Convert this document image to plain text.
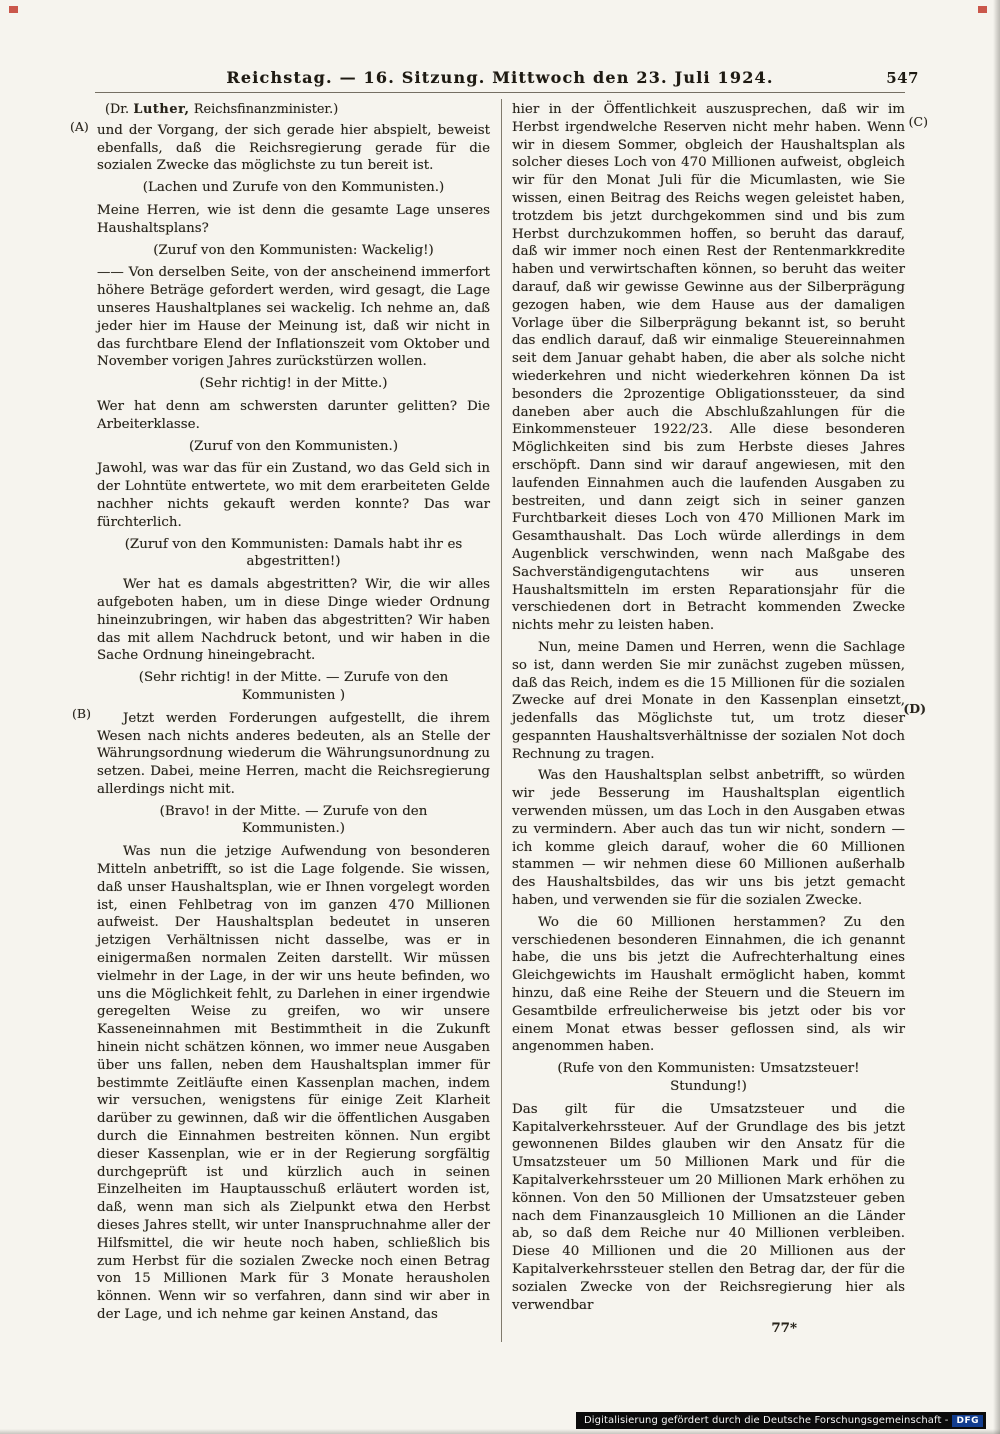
Reichstag. — 16. Sitzung. Mittwoch den 23. Juli 1924.	547
(A)
(B)
(C)
(D)
(Dr. Luther, Reichsfinanzminister.)
und der Vorgang, der sich gerade hier abspielt, beweist ebenfalls, daß die Reichsregierung gerade für die sozialen Zwecke das möglichste zu tun bereit ist.
(Lachen und Zurufe von den Kommunisten.)
Meine Herren, wie ist denn die gesamte Lage unseres Haushaltsplans?
(Zuruf von den Kommunisten: Wackelig!)
—— Von derselben Seite, von der anscheinend immerfort höhere Beträge gefordert werden, wird gesagt, die Lage unseres Haushaltplanes sei wackelig. Ich nehme an, daß jeder hier im Hause der Meinung ist, daß wir nicht in das furchtbare Elend der Inflationszeit vom Oktober und November vorigen Jahres zurückstürzen wollen.
(Sehr richtig! in der Mitte.)
Wer hat denn am schwersten darunter gelitten? Die Arbeiterklasse.
(Zuruf von den Kommunisten.)
Jawohl, was war das für ein Zustand, wo das Geld sich in der Lohntüte entwertete, wo mit dem erarbeiteten Gelde nachher nichts gekauft werden konnte? Das war fürchterlich.
(Zuruf von den Kommunisten: Damals habt ihr es abgestritten!)
Wer hat es damals abgestritten? Wir, die wir alles aufgeboten haben, um in diese Dinge wieder Ordnung hineinzubringen, wir haben das abgestritten? Wir haben das mit allem Nachdruck betont, und wir haben in die Sache Ordnung hineingebracht.
(Sehr richtig! in der Mitte. — Zurufe von den Kommunisten )
Jetzt werden Forderungen aufgestellt, die ihrem Wesen nach nichts anderes bedeuten, als an Stelle der Währungsordnung wiederum die Währungsunordnung zu setzen. Dabei, meine Herren, macht die Reichsregierung allerdings nicht mit.
(Bravo! in der Mitte. — Zurufe von den Kommunisten.)
Was nun die jetzige Aufwendung von besonderen Mitteln anbetrifft, so ist die Lage folgende. Sie wissen, daß unser Haushaltsplan, wie er Ihnen vorgelegt worden ist, einen Fehlbetrag von im ganzen 470 Millionen aufweist. Der Haushaltsplan bedeutet in unseren jetzigen Verhältnissen nicht dasselbe, was er in einigermaßen normalen Zeiten darstellt. Wir müssen vielmehr in der Lage, in der wir uns heute befinden, wo uns die Möglichkeit fehlt, zu Darlehen in einer irgendwie geregelten Weise zu greifen, wo wir unsere Kasseneinnahmen mit Bestimmtheit in die Zukunft hinein nicht schätzen können, wo immer neue Ausgaben über uns fallen, neben dem Haushaltsplan immer für bestimmte Zeitläufte einen Kassenplan machen, indem wir versuchen, wenigstens für einige Zeit Klarheit darüber zu gewinnen, daß wir die öffentlichen Ausgaben durch die Einnahmen bestreiten können. Nun ergibt dieser Kassenplan, wie er in der Regierung sorgfältig durchgeprüft ist und kürzlich auch in seinen Einzelheiten im Hauptausschuß erläutert worden ist, daß, wenn man sich als Zielpunkt etwa den Herbst dieses Jahres stellt, wir unter Inanspruchnahme aller der Hilfsmittel, die wir heute noch haben, schließlich bis zum Herbst für die sozialen Zwecke noch einen Betrag von 15 Millionen Mark für 3 Monate herausholen können. Wenn wir so verfahren, dann sind wir aber in der Lage, und ich nehme gar keinen Anstand, das
hier in der Öffentlichkeit auszusprechen, daß wir im Herbst irgendwelche Reserven nicht mehr haben. Wenn wir in diesem Sommer, obgleich der Haushaltsplan als solcher dieses Loch von 470 Millionen aufweist, obgleich wir für den Monat Juli für die Micumlasten, wie Sie wissen, einen Beitrag des Reichs wegen geleistet haben, trotzdem bis jetzt durchgekommen sind und bis zum Herbst durchzukommen hoffen, so beruht das darauf, daß wir immer noch einen Rest der Rentenmarkkredite haben und verwirtschaften können, so beruht das weiter darauf, daß wir gewisse Gewinne aus der Silberprägung gezogen haben, wie dem Hause aus der damaligen Vorlage über die Silberprägung bekannt ist, so beruht das endlich darauf, daß wir einmalige Steuereinnahmen seit dem Januar gehabt haben, die aber als solche nicht wiederkehren und nicht wiederkehren können Da ist besonders die 2prozentige Obligationssteuer, da sind daneben aber auch die Abschlußzahlungen für die Einkommensteuer 1922/23. Alle diese besonderen Möglichkeiten sind bis zum Herbste dieses Jahres erschöpft. Dann sind wir darauf angewiesen, mit den laufenden Einnahmen auch die laufenden Ausgaben zu bestreiten, und dann zeigt sich in seiner ganzen Furchtbarkeit dieses Loch von 470 Millionen Mark im Gesamthaushalt. Das Loch würde allerdings in dem Augenblick verschwinden, wenn nach Maßgabe des Sachverständigengutachtens wir aus unseren Haushaltsmitteln im ersten Reparationsjahr für die verschiedenen dort in Betracht kommenden Zwecke nichts mehr zu leisten haben.
Nun, meine Damen und Herren, wenn die Sachlage so ist, dann werden Sie mir zunächst zugeben müssen, daß das Reich, indem es die 15 Millionen für die sozialen Zwecke auf drei Monate in den Kassenplan einsetzt, jedenfalls das Möglichste tut, um trotz dieser gespannten Haushaltsverhältnisse der sozialen Not doch Rechnung zu tragen.
Was den Haushaltsplan selbst anbetrifft, so würden wir jede Besserung im Haushaltsplan eigentlich verwenden müssen, um das Loch in den Ausgaben etwas zu vermindern. Aber auch das tun wir nicht, sondern — ich komme gleich darauf, woher die 60 Millionen stammen — wir nehmen diese 60 Millionen außerhalb des Haushaltsbildes, das wir uns bis jetzt gemacht haben, und verwenden sie für die sozialen Zwecke.
Wo die 60 Millionen herstammen? Zu den verschiedenen besonderen Einnahmen, die ich genannt habe, die uns bis jetzt die Aufrechterhaltung eines Gleichgewichts im Haushalt ermöglicht haben, kommt hinzu, daß eine Reihe der Steuern und die Steuern im Gesamtbilde erfreulicherweise bis jetzt oder bis vor einem Monat etwas besser geflossen sind, als wir angenommen haben.
(Rufe von den Kommunisten: Umsatzsteuer! Stundung!)
Das gilt für die Umsatzsteuer und die Kapitalverkehrssteuer. Auf der Grundlage des bis jetzt gewonnenen Bildes glauben wir den Ansatz für die Umsatzsteuer um 50 Millionen Mark und für die Kapitalverkehrssteuer um 20 Millionen Mark erhöhen zu können. Von den 50 Millionen der Umsatzsteuer geben nach dem Finanzausgleich 10 Millionen an die Länder ab, so daß dem Reiche nur 40 Millionen verbleiben. Diese 40 Millionen und die 20 Millionen aus der Kapitalverkehrssteuer stellen den Betrag dar, der für die sozialen Zwecke von der Reichsregierung hier als verwendbar
77*
Digitalisierung gefördert durch die Deutsche Forschungsgemeinschaft - DFG
